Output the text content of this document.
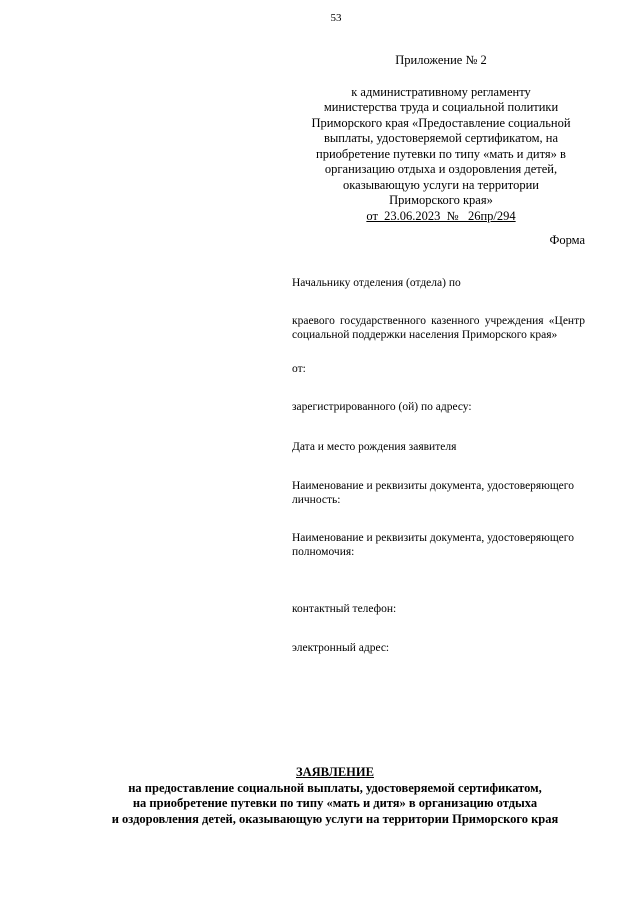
53
Приложение № 2
к административному регламенту
министерства труда и социальной политики
Приморского края «Предоставление социальной
выплаты, удостоверяемой сертификатом, на
приобретение путевки по типу «мать и дитя» в
организацию отдыха и оздоровления детей,
оказывающую услуги на территории
Приморского края»
от  23.06.2023  №   26пр/294
Форма
Начальнику отделения (отдела) по
краевого государственного казенного учреждения «Центр социальной поддержки населения Приморского края»
от:
зарегистрированного (ой) по адресу:
Дата и место рождения заявителя
Наименование и реквизиты документа, удостоверяющего личность:
Наименование и реквизиты документа, удостоверяющего полномочия:
контактный телефон:
электронный адрес:
ЗАЯВЛЕНИЕ
на предоставление социальной выплаты, удостоверяемой сертификатом,
на приобретение путевки по типу «мать и дитя» в организацию отдыха
и оздоровления детей, оказывающую услуги на территории Приморского края
